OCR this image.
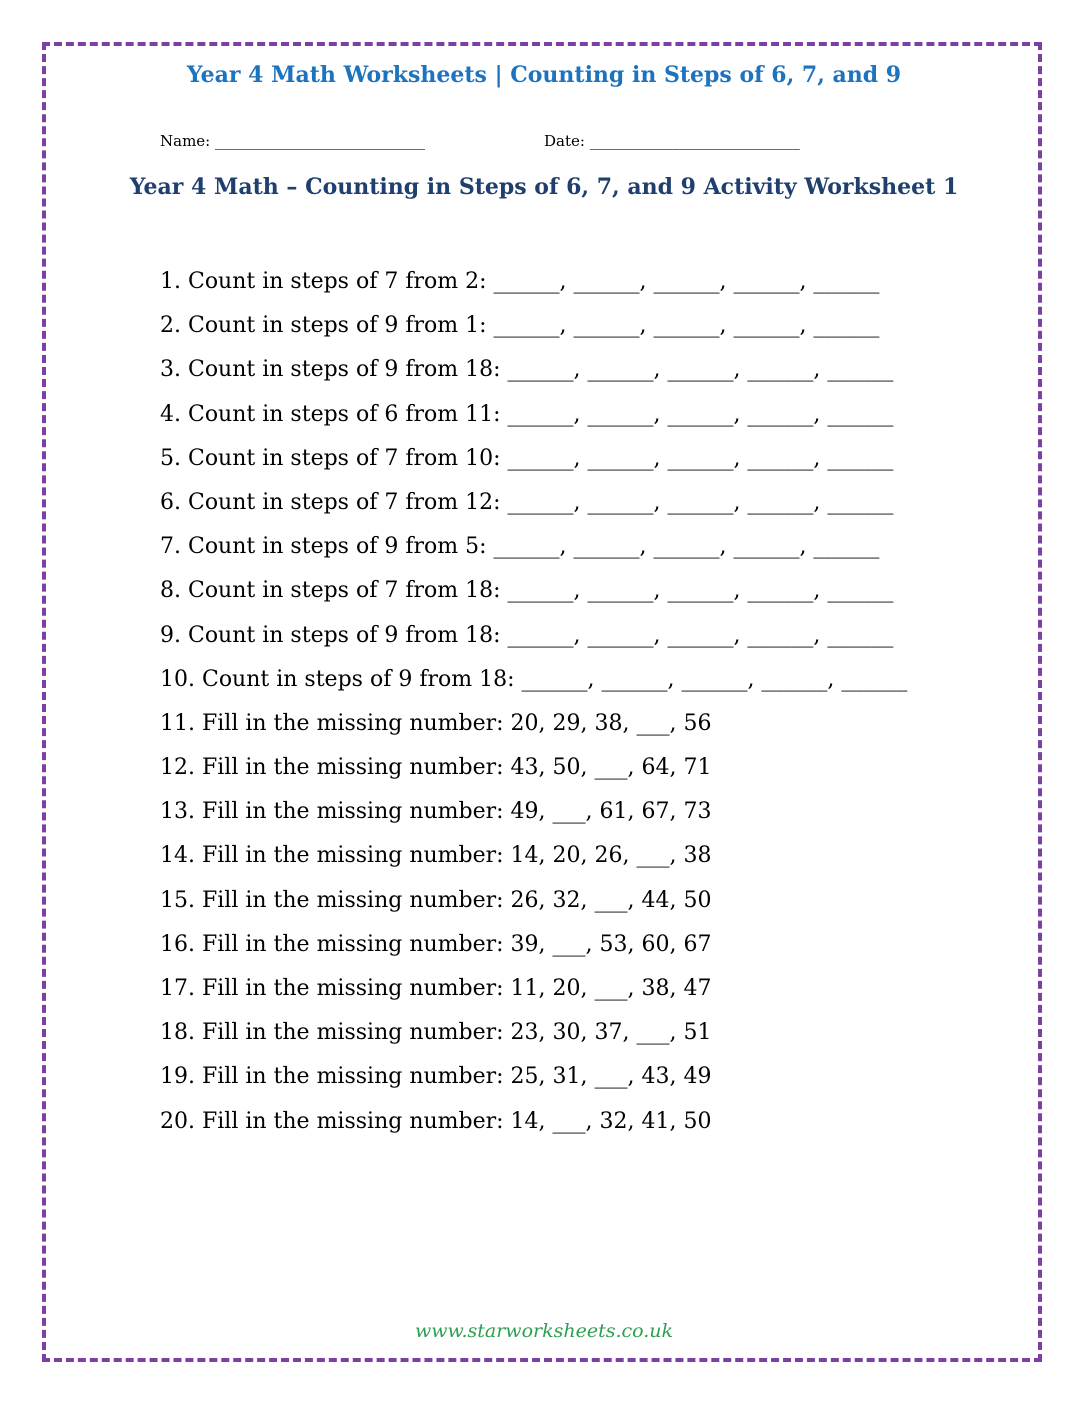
Year 4 Math Worksheets | Counting in Steps of 6, 7, and 9
Name: ____________________________	Date: ____________________________
Year 4 Math – Counting in Steps of 6, 7, and 9 Activity Worksheet 1
1. Count in steps of 7 from 2: ______, ______, ______, ______, ______
2. Count in steps of 9 from 1: ______, ______, ______, ______, ______
3. Count in steps of 9 from 18: ______, ______, ______, ______, ______
4. Count in steps of 6 from 11: ______, ______, ______, ______, ______
5. Count in steps of 7 from 10: ______, ______, ______, ______, ______
6. Count in steps of 7 from 12: ______, ______, ______, ______, ______
7. Count in steps of 9 from 5: ______, ______, ______, ______, ______
8. Count in steps of 7 from 18: ______, ______, ______, ______, ______
9. Count in steps of 9 from 18: ______, ______, ______, ______, ______
10. Count in steps of 9 from 18: ______, ______, ______, ______, ______
11. Fill in the missing number: 20, 29, 38, ___, 56
12. Fill in the missing number: 43, 50, ___, 64, 71
13. Fill in the missing number: 49, ___, 61, 67, 73
14. Fill in the missing number: 14, 20, 26, ___, 38
15. Fill in the missing number: 26, 32, ___, 44, 50
16. Fill in the missing number: 39, ___, 53, 60, 67
17. Fill in the missing number: 11, 20, ___, 38, 47
18. Fill in the missing number: 23, 30, 37, ___, 51
19. Fill in the missing number: 25, 31, ___, 43, 49
20. Fill in the missing number: 14, ___, 32, 41, 50
www.starworksheets.co.uk
